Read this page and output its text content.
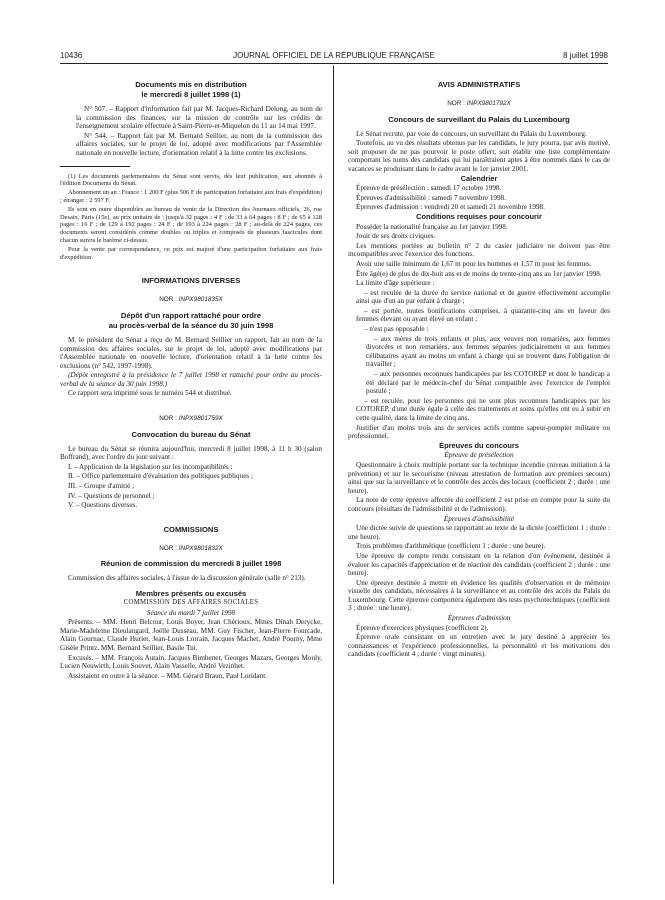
10436	JOURNAL OFFICIEL DE LA RÉPUBLIQUE FRANÇAISE	8 juillet 1998

Documents mis en distribution

le mercredi 8 juillet 1998 (1)

N° 507. – Rapport d'information fait par M. Jacques-Richard Delong, au nom de la commission des finances, sur la mission de contrôle sur les crédits de l'enseignement scolaire effectuée à Saint-Pierre-et-Miquelon du 11 au 14 mai 1997.

N° 544. – Rapport fait par M. Bernard Seillier, au nom de la commission des affaires sociales, sur le projet de loi, adopté avec modifications par l'Assemblée nationale en nouvelle lecture, d'orientation relatif à la lutte contre les exclusions.

(1) Les documents parlementaires du Sénat sont servis, dès leur publication, aux abonnés à l'édition Documents du Sénat.

Abonnement un an : France : 1 200 F (plus 506 F de participation forfaitaire aux frais d'expédition) ; étranger : 2 597 F.

Ils sont en outre disponibles au bureau de vente de la Direction des Journaux officiels, 26, rue Desaix, Paris (15e), au prix unitaire de : jusqu'à 32 pages : 4 F ; de 33 à 64 pages : 8 F ; de 65 à 128 pages : 16 F ; de 129 à 192 pages : 24 F ; de 193 à 224 pages : 28 F ; au-delà de 224 pages, ces documents seront considérés comme doubles ou triples et composés de plusieurs fascicules dont chacun suivra le barème ci-dessus.

Pour la vente par correspondance, ce prix est majoré d'une participation forfaitaire aux frais d'expédition.

INFORMATIONS DIVERSES

NOR : INPX9801835X

Dépôt d'un rapport rattaché pour ordre

au procès-verbal de la séance du 30 juin 1998

M. le président du Sénat a reçu de M. Bernard Seillier un rapport, fait au nom de la commission des affaires sociales, sur le projet de loi, adopté avec modifications par l'Assemblée nationale en nouvelle lecture, d'orientation relatif à la lutte contre les exclusions (n° 542, 1997-1998).

(Dépôt enregistré à la présidence le 7 juillet 1998 et rattaché pour ordre au procès-verbal de la séance du 30 juin 1998.)

Ce rapport sera imprimé sous le numéro 544 et distribué.

NOR : INPX9801759X

Convocation du bureau du Sénat

Le bureau du Sénat se réunira aujourd'hui, mercredi 8 juillet 1998, à 11 h 30 (salon Boffrand), avec l'ordre du jour suivant :

I. – Application de la législation sur les incompatibilités ;

II. – Office parlementaire d'évaluation des politiques publiques ;

III. – Groupe d'amitié ;

IV. – Questions de personnel ;

V. – Questions diverses.

COMMISSIONS

NOR : INPX9801832X

Réunion de commission du mercredi 8 juillet 1998

Commission des affaires sociales, à l'issue de la discussion générale (salle n° 213).

Membres présents ou excusés

COMMISSION DES AFFAIRES SOCIALES

Séance du mardi 7 juillet 1998

Présents. – MM. Henri Belcour, Louis Boyer, Jean Chérioux, Mmes Dinah Derycke, Marie-Madeleine Dieulangard, Joëlle Dusseau, MM. Guy Fischer, Jean-Pierre Fourcade, Alain Gournac, Claude Huriet, Jean-Louis Lorrain, Jacques Machet, André Pourny, Mme Gisèle Printz, MM. Bernard Seillier, Basile Tui.

Excusés. – MM. François Autain, Jacques Bimbenet, Georges Mazars, Georges Mouly, Lucien Neuwirth, Louis Souvet, Alain Vasselle, André Vezinhet.

Assistaient en outre à la séance. – MM. Gérard Braun, Paul Loridant.

AVIS ADMINISTRATIFS

NOR : INPX9801792X

Concours de surveillant du Palais du Luxembourg

Le Sénat recrute, par voie de concours, un surveillant du Palais du Luxembourg.

Toutefois, au vu des résultats obtenus par les candidats, le jury pourra, par avis motivé, soit proposer de ne pas pourvoir le poste offert, soit établir une liste complémentaire comportant les noms des candidats qui lui paraîtraient aptes à être nommés dans le cas de vacances se produisant dans le cadre avant le 1er janvier 2001.

Calendrier

Épreuve de présélection : samedi 17 octobre 1998.

Épreuves d'admissibilité : samedi 7 novembre 1998.

Épreuves d'admission : vendredi 20 et samedi 21 novembre 1998.

Conditions requises pour concourir

Posséder la nationalité française au 1er janvier 1998.

Jouir de ses droits civiques.

Les mentions portées au bulletin n° 2 du casier judiciaire ne doivent pas être incompatibles avec l'exercice des fonctions.

Avoir une taille minimum de 1,67 m pour les hommes et 1,57 m pour les femmes.

Être âgé(e) de plus de dix-huit ans et de moins de trente-cinq ans au 1er janvier 1998.

La limite d'âge supérieure :

– est reculée de la durée du service national et de guerre effectivement accomplie ainsi que d'un an par enfant à charge ;

– est portée, toutes bonifications comprises, à quarante-cinq ans en faveur des femmes élevant ou ayant élevé un enfant ;

– n'est pas opposable :

– aux mères de trois enfants et plus, aux veuves non remariées, aux femmes divorcées et non remariées, aux femmes séparées judiciairement et aux femmes célibataires ayant au moins un enfant à charge qui se trouvent dans l'obligation de travailler ;

– aux personnes reconnues handicapées par les COTOREP et dont le handicap a été déclaré par le médecin-chef du Sénat compatible avec l'exercice de l'emploi postulé ;

– est reculée, pour les personnes qui ne sont plus reconnues handicapées par les COTOREP, d'une durée égale à celle des traitements et soins qu'elles ont eu à subir en cette qualité, dans la limite de cinq ans.

Justifier d'au moins trois ans de services actifs comme sapeur-pompier militaire ou professionnel.

Épreuves du concours

Épreuve de présélection

Questionnaire à choix multiple portant sur la technique incendie (niveau initiation à la prévention) et sur le secourisme (niveau attestation de formation aux premiers secours) ainsi que sur la surveillance et le contrôle des accès des locaux (coefficient 2 ; durée : une heure).

La note de cette épreuve affectée du coefficient 2 est prise en compte pour la suite du concours (résultats de l'admissibilité et de l'admission).

Épreuves d'admissibilité

Une dictée suivie de questions se rapportant au texte de la dictée (coefficient 1 ; durée : une heure).

Trois problèmes d'arithmétique (coefficient 1 ; durée : une heure).

Une épreuve de compte rendu consistant en la relation d'un événement, destinée à évaluer les capacités d'appréciation et de réaction des candidats (coefficient 2 ; durée : une heure).

Une épreuve destinée à mettre en évidence les qualités d'observation et de mémoire visuelle des candidats, nécessaires à la surveillance et au contrôle des accès du Palais du Luxembourg. Cette épreuve comportera également des tests psychotechniques (coefficient 3 ; durée : une heure).

Épreuves d'admission

Épreuve d'exercices physiques (coefficient 2).

Épreuve orale consistant en un entretien avec le jury destiné à apprécier les connaissances et l'expérience professionnelles, la personnalité et les motivations des candidats (coefficient 4 ; durée : vingt minutes).
